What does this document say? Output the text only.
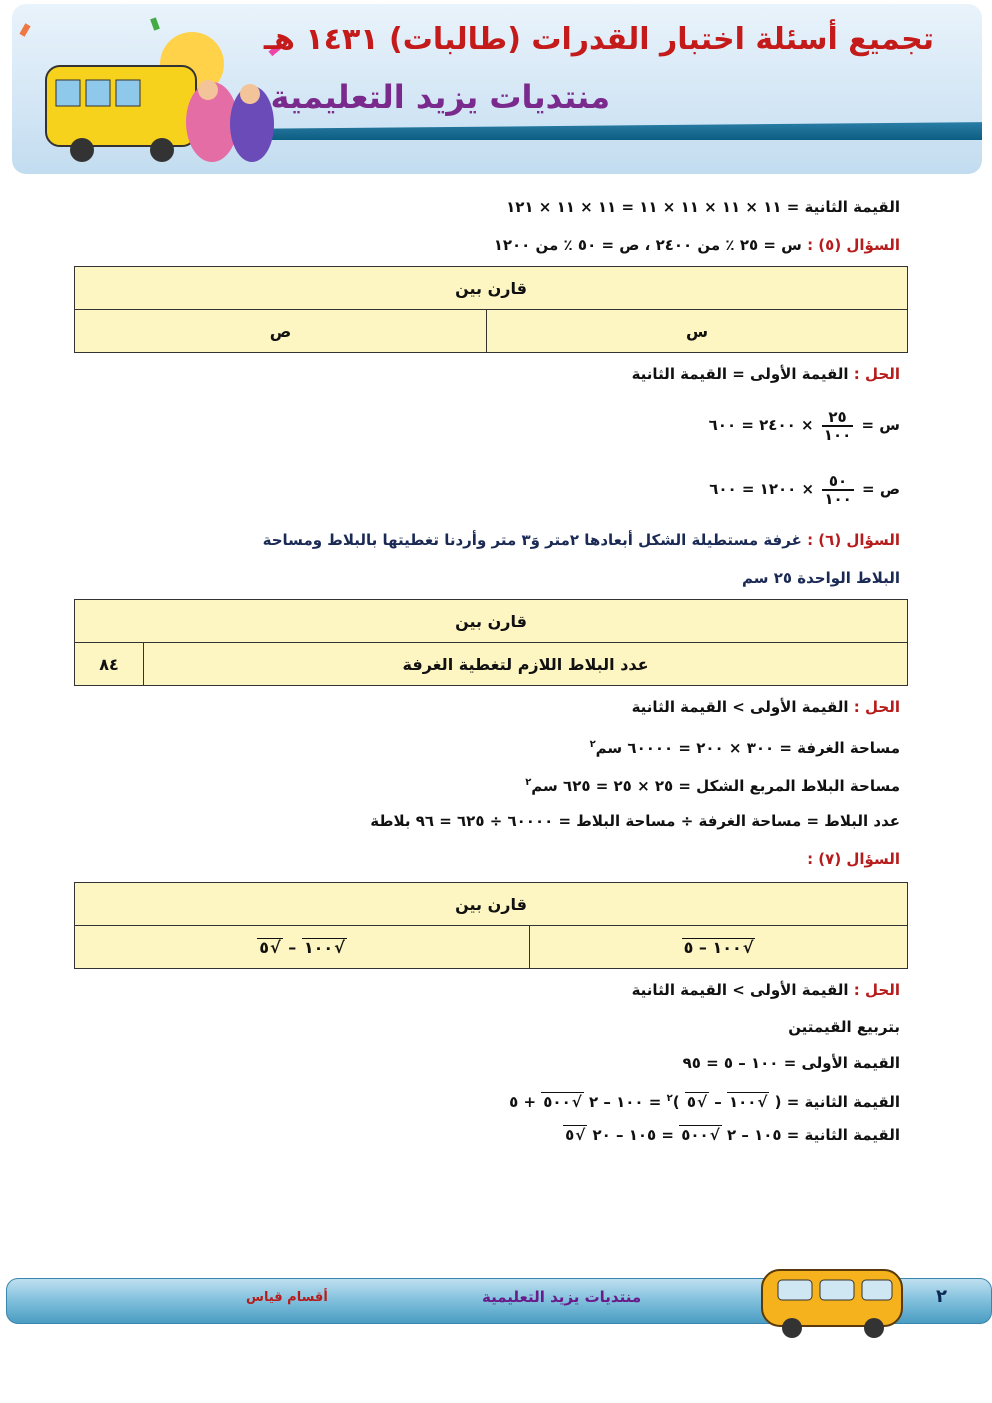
تجميع أسئلة اختبار القدرات (طالبات) ١٤٣١ هـ
منتديات يزيد التعليمية
القيمة الثانية = ١١ × ١١ × ١١ × ١١ = ١١ × ١١ × ١٢١
السؤال (٥) : س = ٢٥ ٪ من ٢٤٠٠ ، ص = ٥٠ ٪ من ١٢٠٠
قارن بين
س	ص
الحل : القيمة الأولى = القيمة الثانية
س =
$\frac{٢٥}{١٠٠}$
× ٢٤٠٠ = ٦٠٠
ص =
$\frac{٥٠}{١٠٠}$
× ١٢٠٠ = ٦٠٠
السؤال (٦) : غرفة مستطيلة الشكل أبعادها ٢متر وَ٣ متر وأردنا تغطيتها بالبلاط ومساحة
البلاط الواحدة ٢٥ سم
قارن بين
عدد البلاط اللازم لتغطية الغرفة	٨٤
الحل : القيمة الأولى > القيمة الثانية
مساحة الغرفة = ٣٠٠ × ٢٠٠ = ٦٠٠٠٠ سم$^٢$
مساحة البلاط المربع الشكل = ٢٥ × ٢٥ = ٦٢٥ سم$^٢$
عدد البلاط = مساحة الغرفة ÷ مساحة البلاط = ٦٠٠٠٠ ÷ ٦٢٥ = ٩٦ بلاطة
السؤال (٧) :
قارن بين
√ ١٠٠ – ٥	√ ١٠٠ – √ ٥
الحل : القيمة الأولى > القيمة الثانية
بتربيع القيمتين
القيمة الأولى = ١٠٠ – ٥ = ٩٥
القيمة الثانية = ( √ ١٠٠ – √ ٥ )$^٢$ = ١٠٠ – ٢ √ ٥٠٠ + ٥
القيمة الثانية = ١٠٥ – ٢ √ ٥٠٠ = ١٠٥ – ٢٠ √ ٥
٢
منتديات يزيد التعليمية
أقسام قياس
